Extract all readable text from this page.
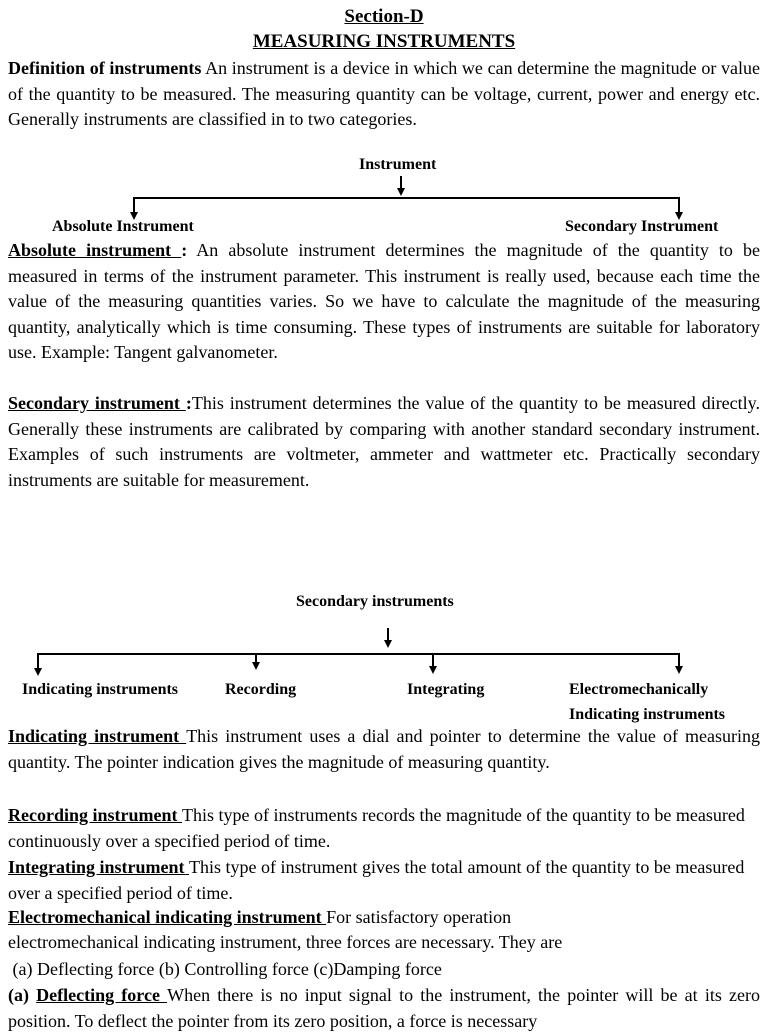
Section-D
MEASURING INSTRUMENTS
Definition of instruments An instrument is a device in which we can determine the magnitude or value of the quantity to be measured. The measuring quantity can be voltage, current, power and energy etc. Generally instruments are classified in to two categories.
Instrument
Absolute Instrument	Secondary Instrument
Absolute instrument : An absolute instrument determines the magnitude of the quantity to be measured in terms of the instrument parameter. This instrument is really used, because each time the value of the measuring quantities varies. So we have to calculate the magnitude of the measuring quantity, analytically which is time consuming. These types of instruments are suitable for laboratory use. Example: Tangent galvanometer.
Secondary instrument :This instrument determines the value of the quantity to be measured directly. Generally these instruments are calibrated by comparing with another standard secondary instrument. Examples of such instruments are voltmeter, ammeter and wattmeter etc. Practically secondary instruments are suitable for measurement.
Secondary instruments
Indicating instruments	Recording	Integrating	Electromechanically
Indicating instruments
Indicating instrument This instrument uses a dial and pointer to determine the value of measuring quantity. The pointer indication gives the magnitude of measuring quantity.
Recording instrument This type of instruments records the magnitude of the quantity to be measured continuously over a specified period of time.
Integrating instrument This type of instrument gives the total amount of the quantity to be measured over a specified period of time.
Electromechanical indicating instrument For satisfactory operation
electromechanical indicating instrument, three forces are necessary. They are
(a) Deflecting force (b) Controlling force (c)Damping force
(a) Deflecting force When there is no input signal to the instrument, the pointer will be at its zero position. To deflect the pointer from its zero position, a force is necessary
